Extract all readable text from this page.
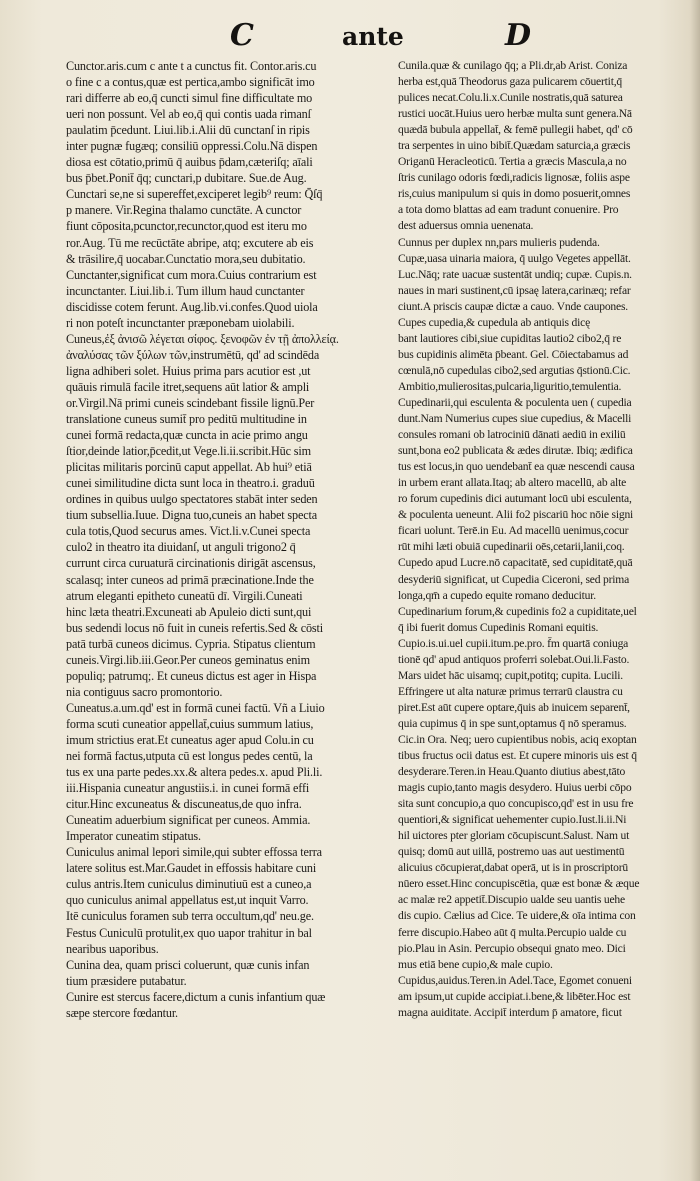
C	ante	D
Cunctor.aris.cum c ante t a cunctus fit. Contor.aris.cu
o fine c a contus,quæ est pertica,ambo significāt imo
rari differre ab eo,q̄ cuncti simul fine difficultate mo
ueri non possunt. Vel ab eo,q̄ qui contis uada rimanſ
paulatim p̄cedunt. Liui.lib.i.Alii dū cunctanſ in ripis
inter pugnæ fugæq; consiliū oppressi.Colu.Nā dispen
diosa est cōtatio,primū q̄ auibus p̄dam,cæteriſq; aīali
bus p̄bet.Ponit̄ q̄q; cunctari,p dubitare. Sue.de Aug.
Cunctari se,ne si supereffet,exciperet legib⁹ reum: Q̄ſq̄
p manere. Vir.Regina thalamo cunctāte. A cunctor
fiunt cōposita,pcunctor,recunctor,quod est iteru mo
ror.Aug. Tū me recūctāte abripe, atq; excutere ab eis
& trāsilire,q̄ uocabar.Cunctatio mora,seu dubitatio.
Cunctanter,significat cum mora.Cuius contrarium est
incunctanter. Liui.lib.i. Tum illum haud cunctanter
discidisse cotem ferunt. Aug.lib.vi.confes.Quod uiola
ri non poteſt incunctanter præponebam uiolabili.
Cuneus,ἐξ ἀνισῶ λέγεται σίφος. ξενοφῶν ἐν τῇ ἀπολλείᾳ.
ἀναλύσας τῶν ξύλων τῶν,instrumētū, qd' ad scindēda
ligna adhiberi solet. Huius prima pars acutior est ,ut
quāuis rimulā facile itret,sequens aūt latior & ampli
or.Virgil.Nā primi cuneis scindebant fissile lignū.Per
translatione cuneus sumit̄ pro peditū multitudine in
cunei formā redacta,quæ cuncta in acie primo angu
ſtior,deinde latior,p̄cedit,ut Vege.li.ii.scribit.Hūc sim
plicitas militaris porcinū caput appellat. Ab hui⁹ etiā
cunei similitudine dicta sunt loca in theatro.i. graduū
ordines in quibus uulgo spectatores stabāt inter seden
tium subsellia.Iuue. Digna tuo,cuneis an habet specta
cula totis,Quod securus ames. Vict.li.v.Cunei specta
culo2 in theatro ita diuidanſ, ut anguli trigono2 q̄
currunt circa curuaturā circinationis dirigāt ascensus,
scalasq; inter cuneos ad primā præcinatione.Inde the
atrum eleganti epitheto cuneatū dī. Virgili.Cuneati
hinc læta theatri.Excuneati ab Apuleio dicti sunt,qui
bus sedendi locus nō fuit in cuneis refertis.Sed & cōsti
patā turbā cuneos dicimus. Cypria. Stipatus clientum
cuneis.Virgi.lib.iii.Geor.Per cuneos geminatus enim
populiq; patrumq;. Et cuneus dictus est ager in Hispa
nia contiguus sacro promontorio.
Cuneatus.a.um.qd' est in formā cunei factū. Vñ a Liuio
forma scuti cuneatior appellat̄,cuius summum latius,
imum strictius erat.Et cuneatus ager apud Colu.in cu
nei formā factus,utputa cū est longus pedes centū, la
tus ex una parte pedes.xx.& altera pedes.x. apud Pli.li.
iii.Hispania cuneatur angustiis.i. in cunei formā effi
citur.Hinc excuneatus & discuneatus,de quo infra.
Cuneatim aduerbium significat per cuneos. Ammia.
Imperator cuneatim stipatus.
Cuniculus animal lepori simile,qui subter effossa terra
latere solitus est.Mar.Gaudet in effossis habitare cuni
culus antris.Item cuniculus diminutiuū est a cuneo,a
quo cuniculus animal appellatus est,ut inquit Varro.
Itē cuniculus foramen sub terra occultum,qd' neu.ge.
Festus Cuniculū protulit,ex quo uapor trahitur in bal
nearibus uaporibus.
Cunina dea, quam prisci coluerunt, quæ cunis infan
tium præsidere putabatur.
Cunire est stercus facere,dictum a cunis infantium quæ
sæpe stercore fœdantur.
Cunila.quæ & cunilago q̄q; a Pli.dr,ab Arist. Coniza
herba est,quā Theodorus gaza pulicarem cōuertit,q̄
pulices necat.Colu.li.x.Cunile nostratis,quā saturea
rustici uocāt.Huius uero herbæ multa sunt genera.Nā
quædā bubula appellat̄, & femē pullegii habet, qd' cō
tra serpentes in uino bibit̄.Quædam saturcia,a græcis
Origanū Heracleoticū. Tertia a græcis Mascula,a no
ſtris cunilago odoris fœdi,radicis lignosæ, foliis aspe
ris,cuius manipulum si quis in domo posuerit,omnes
a tota domo blattas ad eam tradunt conuenire. Pro
dest aduersus omnia uenenata.
Cunnus per duplex nn,pars mulieris pudenda.
Cupæ,uasa uinaria maiora, q̄ uulgo Vegetes appellāt.
Luc.Nāq; rate uacuæ sustentāt undiq; cupæ. Cupis.n.
naues in mari sustinent,cū ipsaę latera,carinæq; refar
ciunt.A priscis caupæ dictæ a cauo. Vnde caupones.
Cupes cupedia,& cupedula ab antiquis dicę
bant lautiores cibi,siue cupiditas lautio2 cibo2,q̄ re
bus cupidinis alimēta p̄beant. Gel. Cōiectabamus ad
cœnulā,nō cupedulas cibo2,sed argutias q̄stionū.Cic.
Ambitio,mulierositas,pulcaria,liguritio,temulentia.
Cupedinarii,qui esculenta & poculenta uen ( cupedia
dunt.Nam Numerius cupes siue cupedius, & Macelli
consules romani ob latrociniū dānati aediū in exiliū
sunt,bona eo2 publicata & ædes dirutæ. Ibiq; ædifica
tus est locus,in quo uendebant̄ ea quæ nescendi causa
in urbem erant allata.Itaq; ab altero macellū, ab alte
ro forum cupedinis dici autumant locū ubi esculenta,
& poculenta ueneunt. Alii fo2 piscariū hoc nōie signi
ficari uolunt. Terē.in Eu. Ad macellū uenimus,cocur
rūt mihi læti obuiā cupedinarii oēs,cetarii,lanii,coq.
Cupedo apud Lucre.nō capacitatē, sed cupiditatē,quā
desyderiū significat, ut Cupedia Ciceroni, sed prima
longa,qm̄ a cupedo equite romano deducitur.
Cupedinarium forum,& cupedinis fo2 a cupiditate,uel
q̄ ibi fuerit domus Cupedinis Romani equitis.
Cupio.is.ui.uel cupii.itum.pe.pro. f̄m quartā coniuga
tionē qd' apud antiquos proferri solebat.Oui.li.Fasto.
Mars uidet hāc uisamq; cupit,potitq; cupita. Lucili.
Effringere ut alta naturæ primus terrarū claustra cu
piret.Est aūt cupere optare,q̄uis ab inuicem separent̄,
quia cupimus q̄ in spe sunt,optamus q̄ nō speramus.
Cic.in Ora. Neq; uero cupientibus nobis, aciq exoptan
tibus fructus ocii datus est. Et cupere minoris uis est q̄
desyderare.Teren.in Heau.Quanto diutius abest,tāto
magis cupio,tanto magis desydero. Huius uerbi cōpo
sita sunt concupio,a quo concupisco,qd' est in usu fre
quentiori,& significat uehementer cupio.Iust.li.ii.Ni
hil uictores pter gloriam cōcupiscunt.Salust. Nam ut
quisq; domū aut uillā, postremo uas aut uestimentū
alicuius cōcupierat,dabat operā, ut is in proscriptorū
nūero esset.Hinc concupiscētia, quæ est bonæ & æque
ac malæ re2 appetit̄.Discupio ualde seu uantis uehe
dis cupio. Cælius ad Cice. Te uidere,& oīa intima con
ferre discupio.Habeo aūt q̄ multa.Percupio ualde cu
pio.Plau in Asin. Percupio obsequi gnato meo. Dici
mus etiā bene cupio,& male cupio.
Cupidus,auidus.Teren.in Adel.Tace, Egomet conueni
am ipsum,ut cupide accipiat.i.bene,& libēter.Hoc est
magna auiditate. Accipit̄ interdum p̄ amatore, ficut
